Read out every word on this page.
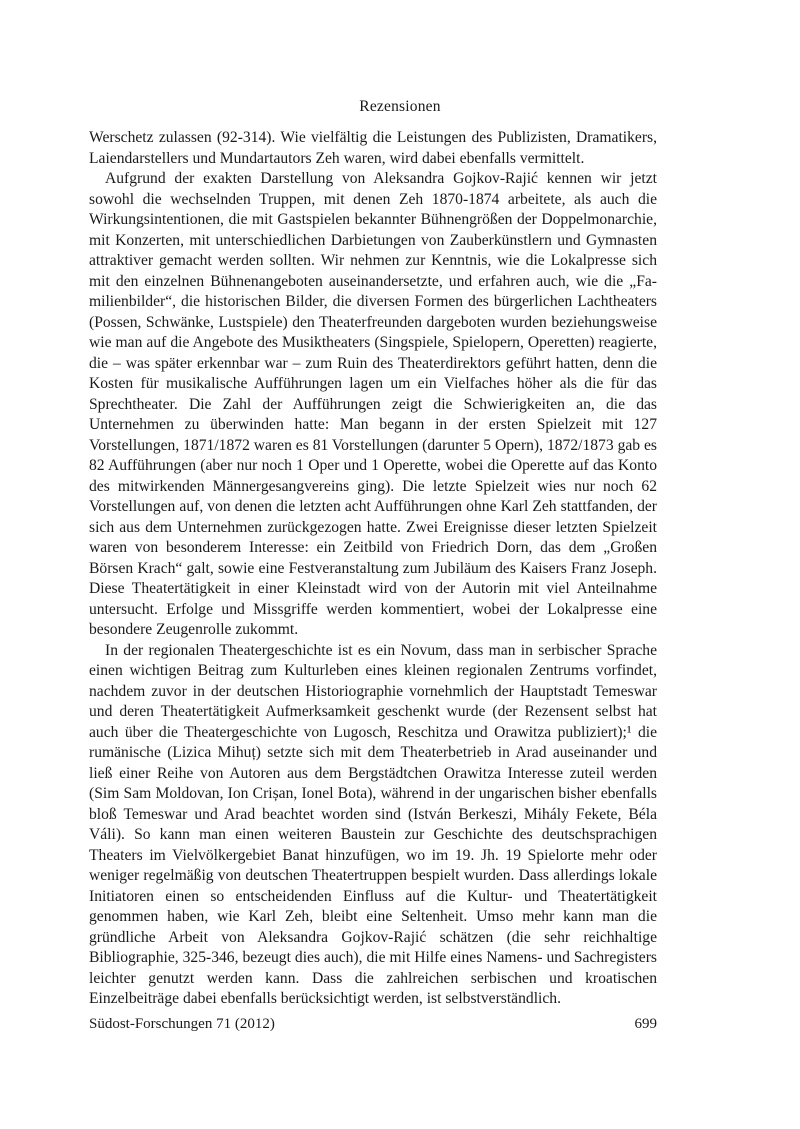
Rezensionen

Werschetz zulassen (92-314). Wie vielfältig die Leistungen des Publizisten, Dramatikers, Laiendarstellers und Mundartautors Zeh waren, wird dabei ebenfalls vermittelt.

Aufgrund der exakten Darstellung von Aleksandra Gojkov-Rajić kennen wir jetzt sowohl die wechselnden Truppen, mit denen Zeh 1870-1874 arbeitete, als auch die Wirkungsintentionen, die mit Gastspielen bekannter Bühnengrößen der Doppelmonarchie, mit Konzerten, mit unterschiedlichen Darbietungen von Zauberkünstlern und Gymnasten attraktiver gemacht werden sollten. Wir nehmen zur Kenntnis, wie die Lokalpresse sich mit den einzelnen Bühnenangeboten auseinandersetzte, und erfahren auch, wie die „Familienbilder“, die historischen Bilder, die diversen Formen des bürgerlichen Lachtheaters (Possen, Schwänke, Lustspiele) den Theaterfreunden dargeboten wurden beziehungsweise wie man auf die Angebote des Musiktheaters (Singspiele, Spielopern, Operetten) reagierte, die – was später erkennbar war – zum Ruin des Theaterdirektors geführt hatten, denn die Kosten für musikalische Aufführungen lagen um ein Vielfaches höher als die für das Sprechtheater. Die Zahl der Aufführungen zeigt die Schwierigkeiten an, die das Unternehmen zu überwinden hatte: Man begann in der ersten Spielzeit mit 127 Vorstellungen, 1871/1872 waren es 81 Vorstellungen (darunter 5 Opern), 1872/1873 gab es 82 Aufführungen (aber nur noch 1 Oper und 1 Operette, wobei die Operette auf das Konto des mitwirkenden Männergesangvereins ging). Die letzte Spielzeit wies nur noch 62 Vorstellungen auf, von denen die letzten acht Aufführungen ohne Karl Zeh stattfanden, der sich aus dem Unternehmen zurückgezogen hatte. Zwei Ereignisse dieser letzten Spielzeit waren von besonderem Interesse: ein Zeitbild von Friedrich Dorn, das dem „Großen Börsen Krach“ galt, sowie eine Festveranstaltung zum Jubiläum des Kaisers Franz Joseph. Diese Theatertätigkeit in einer Kleinstadt wird von der Autorin mit viel Anteilnahme untersucht. Erfolge und Missgriffe werden kommentiert, wobei der Lokalpresse eine besondere Zeugenrolle zukommt.

In der regionalen Theatergeschichte ist es ein Novum, dass man in serbischer Sprache einen wichtigen Beitrag zum Kulturleben eines kleinen regionalen Zentrums vorfindet, nachdem zuvor in der deutschen Historiographie vornehmlich der Hauptstadt Temeswar und deren Theatertätigkeit Aufmerksamkeit geschenkt wurde (der Rezensent selbst hat auch über die Theatergeschichte von Lugosch, Reschitza und Orawitza publiziert);¹ die rumänische (Lizica Mihuț) setzte sich mit dem Theaterbetrieb in Arad auseinander und ließ einer Reihe von Autoren aus dem Bergstädtchen Orawitza Interesse zuteil werden (Sim Sam Moldovan, Ion Crișan, Ionel Bota), während in der ungarischen bisher ebenfalls bloß Temeswar und Arad beachtet worden sind (István Berkeszi, Mihály Fekete, Béla Váli). So kann man einen weiteren Baustein zur Geschichte des deutschsprachigen Theaters im Vielvölkergebiet Banat hinzufügen, wo im 19. Jh. 19 Spielorte mehr oder weniger regelmäßig von deutschen Theatertruppen bespielt wurden. Dass allerdings lokale Initiatoren einen so entscheidenden Einfluss auf die Kultur- und Theatertätigkeit genommen haben, wie Karl Zeh, bleibt eine Seltenheit. Umso mehr kann man die gründliche Arbeit von Aleksandra Gojkov-Rajić schätzen (die sehr reichhaltige Bibliographie, 325-346, bezeugt dies auch), die mit Hilfe eines Namens- und Sachregisters leichter genutzt werden kann. Dass die zahlreichen serbischen und kroatischen Einzelbeiträge dabei ebenfalls berücksichtigt werden, ist selbstverständlich.

Südost-Forschungen 71 (2012)	699
